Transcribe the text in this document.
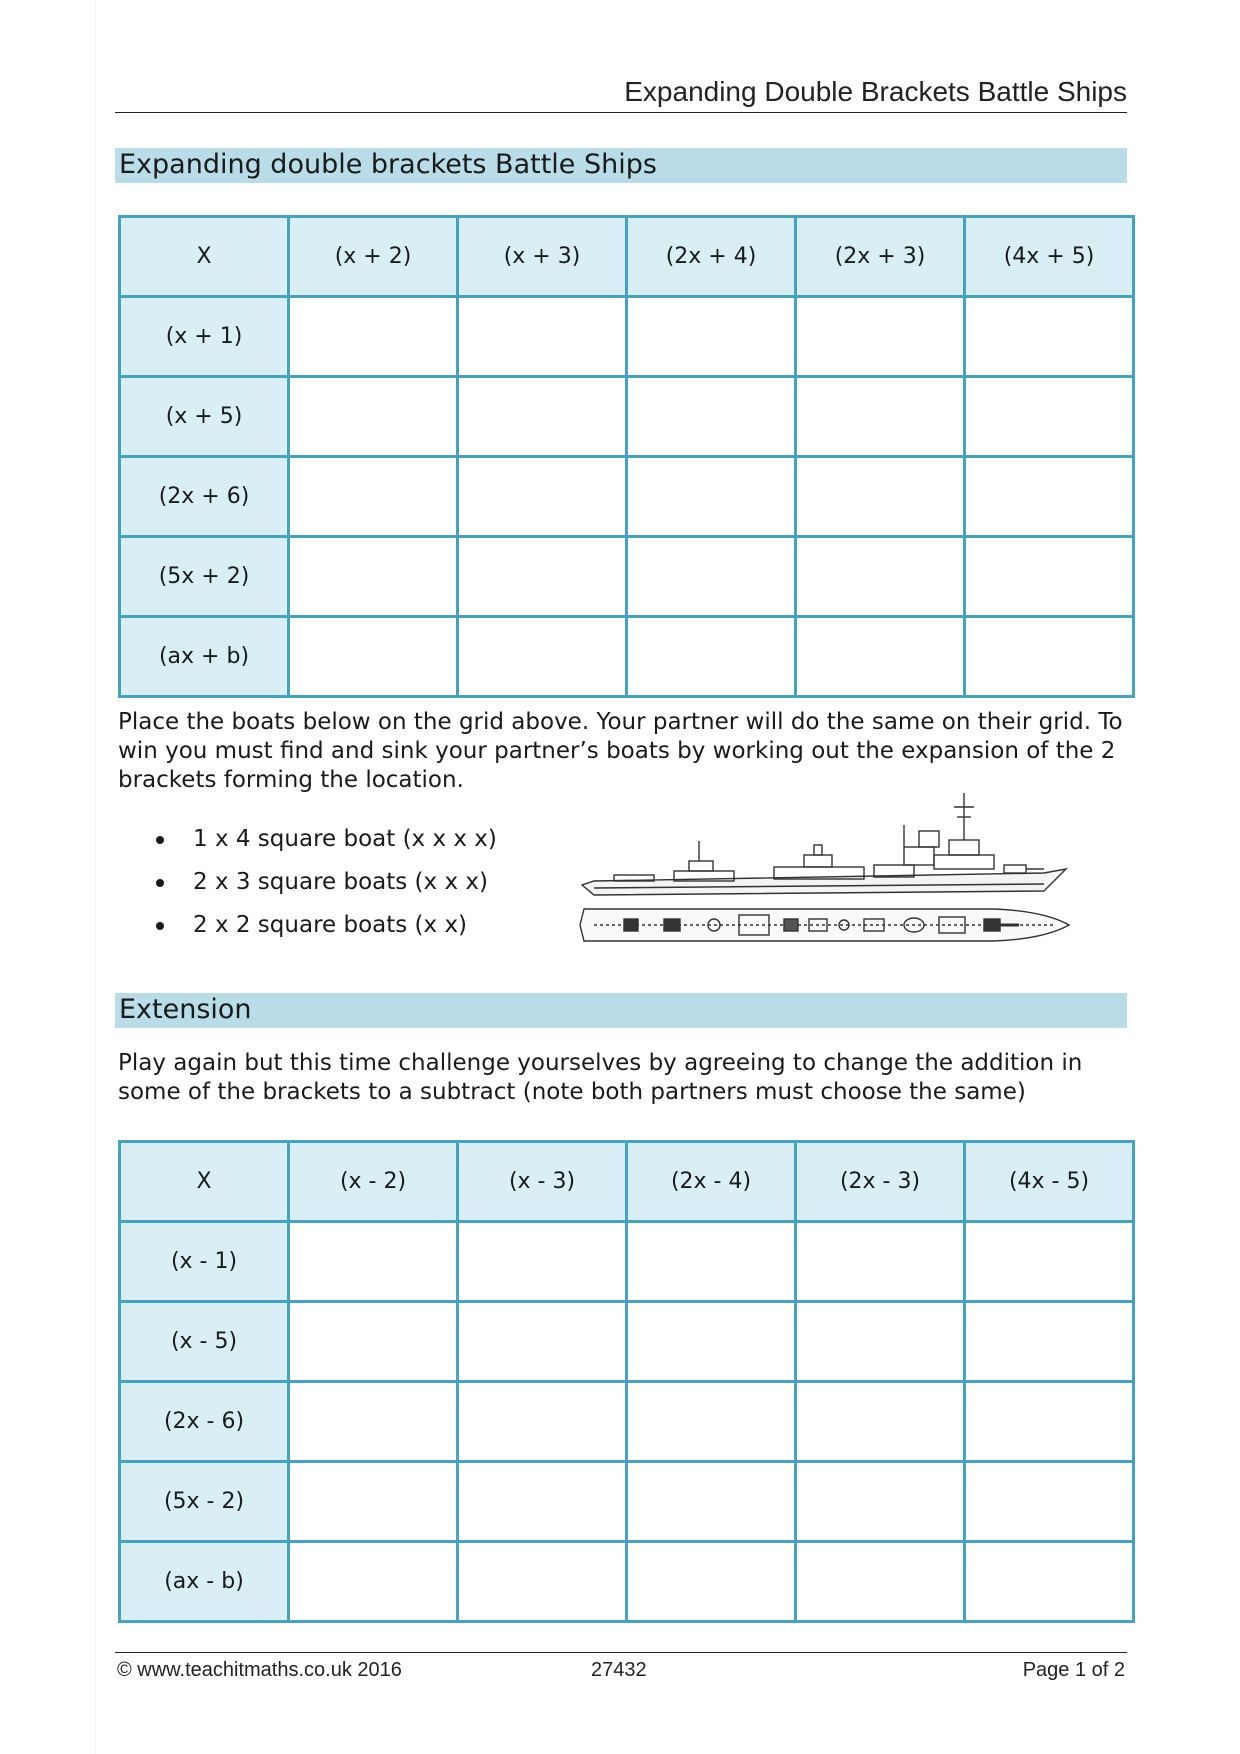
Expanding Double Brackets Battle Ships
Expanding double brackets Battle Ships
X	(x + 2)	(x + 3)	(2x + 4)	(2x + 3)	(4x + 5)
(x + 1)					
(x + 5)					
(2x + 6)					
(5x + 2)					
(ax + b)					
Place the boats below on the grid above. Your partner will do the same on their grid. To win you must find and sink your partner’s boats by working out the expansion of the 2 brackets forming the location.
1 x 4 square boat (x x x x)
2 x 3 square boats (x x x)
2 x 2 square boats (x x)
Extension
Play again but this time challenge yourselves by agreeing to change the addition in some of the brackets to a subtract (note both partners must choose the same)
X	(x - 2)	(x - 3)	(2x - 4)	(2x - 3)	(4x - 5)
(x - 1)					
(x - 5)					
(2x - 6)					
(5x - 2)					
(ax - b)					
© www.teachitmaths.co.uk 2016	27432	Page 1 of 2
